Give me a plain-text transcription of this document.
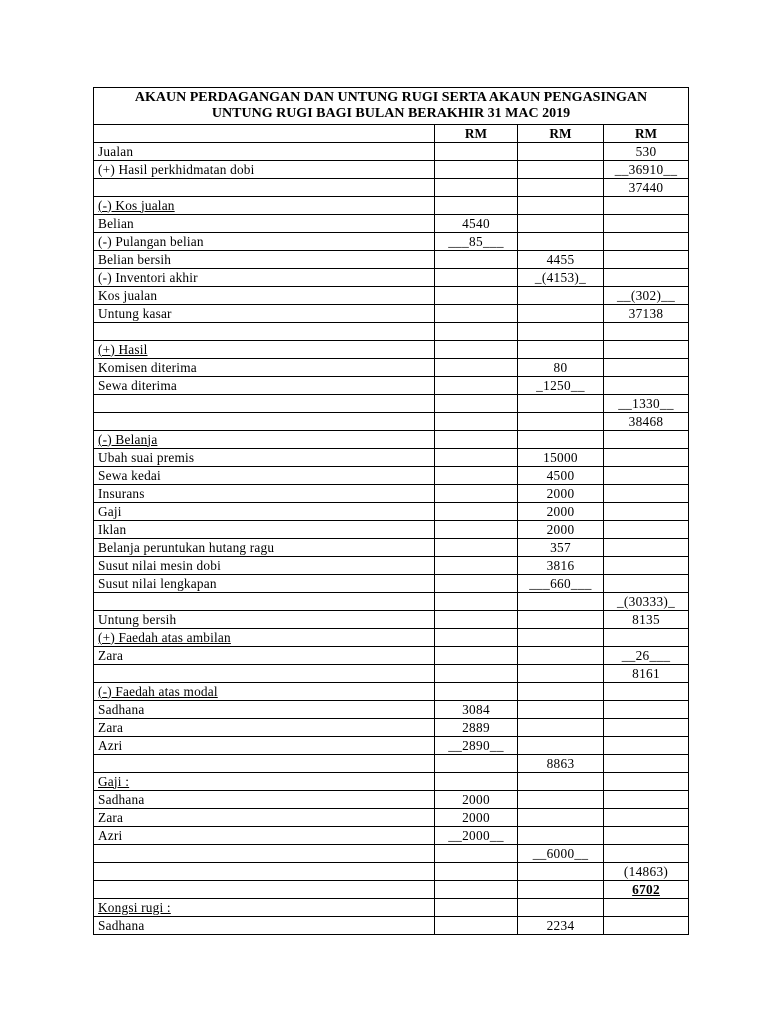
AKAUN PERDAGANGAN DAN UNTUNG RUGI SERTA AKAUN PENGASINGAN
UNTUNG RUGI BAGI BULAN BERAKHIR 31 MAC 2019			

	RM	RM	RM
Jualan			530
(+) Hasil perkhidmatan dobi			__36910__
			37440
(-) Kos jualan			
Belian	4540		
(-) Pulangan belian	___85___		
Belian bersih		4455	
(-) Inventori akhir		_(4153)_	
Kos jualan			__(302)__
Untung kasar			37138

(+) Hasil			
Komisen diterima		80	
Sewa diterima		_1250__	
			__1330__
			38468
(-) Belanja			
Ubah suai premis		15000	
Sewa kedai		4500	
Insurans		2000	
Gaji		2000	
Iklan		2000	
Belanja peruntukan hutang ragu		357	
Susut nilai mesin dobi		3816	
Susut nilai lengkapan		___660___	
			_(30333)_
Untung bersih			8135
(+) Faedah atas ambilan			
Zara			__26___
			8161
(-) Faedah atas modal			
Sadhana	3084		
Zara	2889		
Azri	__2890__		
		8863	
Gaji :			
Sadhana	2000		
Zara	2000		
Azri	__2000__		
		__6000__	
			(14863)
			6702
Kongsi rugi :			
Sadhana		2234	
